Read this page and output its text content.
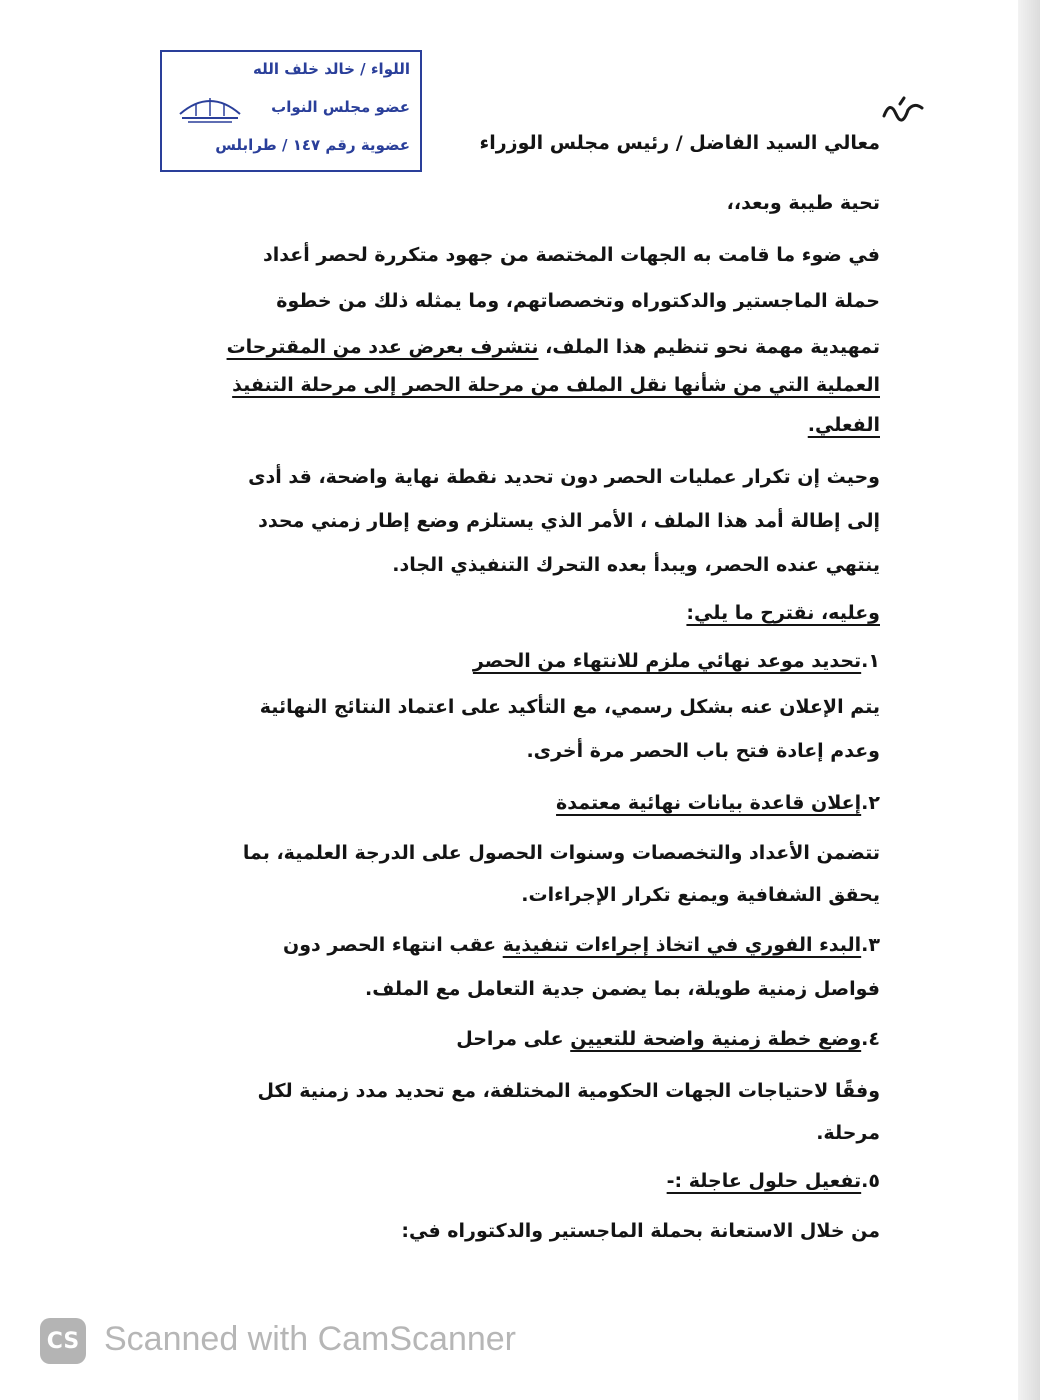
اللواء / خالد خلف الله
عضو مجلس النواب
عضوية رقم ١٤٧ / طرابلس	معالي السيد الفاضل / رئيس مجلس الوزراء
تحية طيبة وبعد،،
في ضوء ما قامت به الجهات المختصة من جهود متكررة لحصر أعداد
حملة الماجستير والدكتوراه وتخصصاتهم، وما يمثله ذلك من خطوة
تمهيدية مهمة نحو تنظيم هذا الملف، نتشرف بعرض عدد من المقترحات
العملية التي من شأنها نقل الملف من مرحلة الحصر إلى مرحلة التنفيذ
الفعلي.
وحيث إن تكرار عمليات الحصر دون تحديد نقطة نهاية واضحة، قد أدى
إلى إطالة أمد هذا الملف ، الأمر الذي يستلزم وضع إطار زمني محدد
ينتهي عنده الحصر، ويبدأ بعده التحرك التنفيذي الجاد.
وعليه، نقترح ما يلي:
١.تحديد موعد نهائي ملزم للانتهاء من الحصر
يتم الإعلان عنه بشكل رسمي، مع التأكيد على اعتماد النتائج النهائية
وعدم إعادة فتح باب الحصر مرة أخرى.
٢.إعلان قاعدة بيانات نهائية معتمدة
تتضمن الأعداد والتخصصات وسنوات الحصول على الدرجة العلمية، بما
يحقق الشفافية ويمنع تكرار الإجراءات.
٣.البدء الفوري في اتخاذ إجراءات تنفيذية عقب انتهاء الحصر دون
فواصل زمنية طويلة، بما يضمن جدية التعامل مع الملف.
٤.وضع خطة زمنية واضحة للتعيين على مراحل
وفقًا لاحتياجات الجهات الحكومية المختلفة، مع تحديد مدد زمنية لكل
مرحلة.
٥.تفعيل حلول عاجلة :-
من خلال الاستعانة بحملة الماجستير والدكتوراه في:
CS Scanned with CamScanner
